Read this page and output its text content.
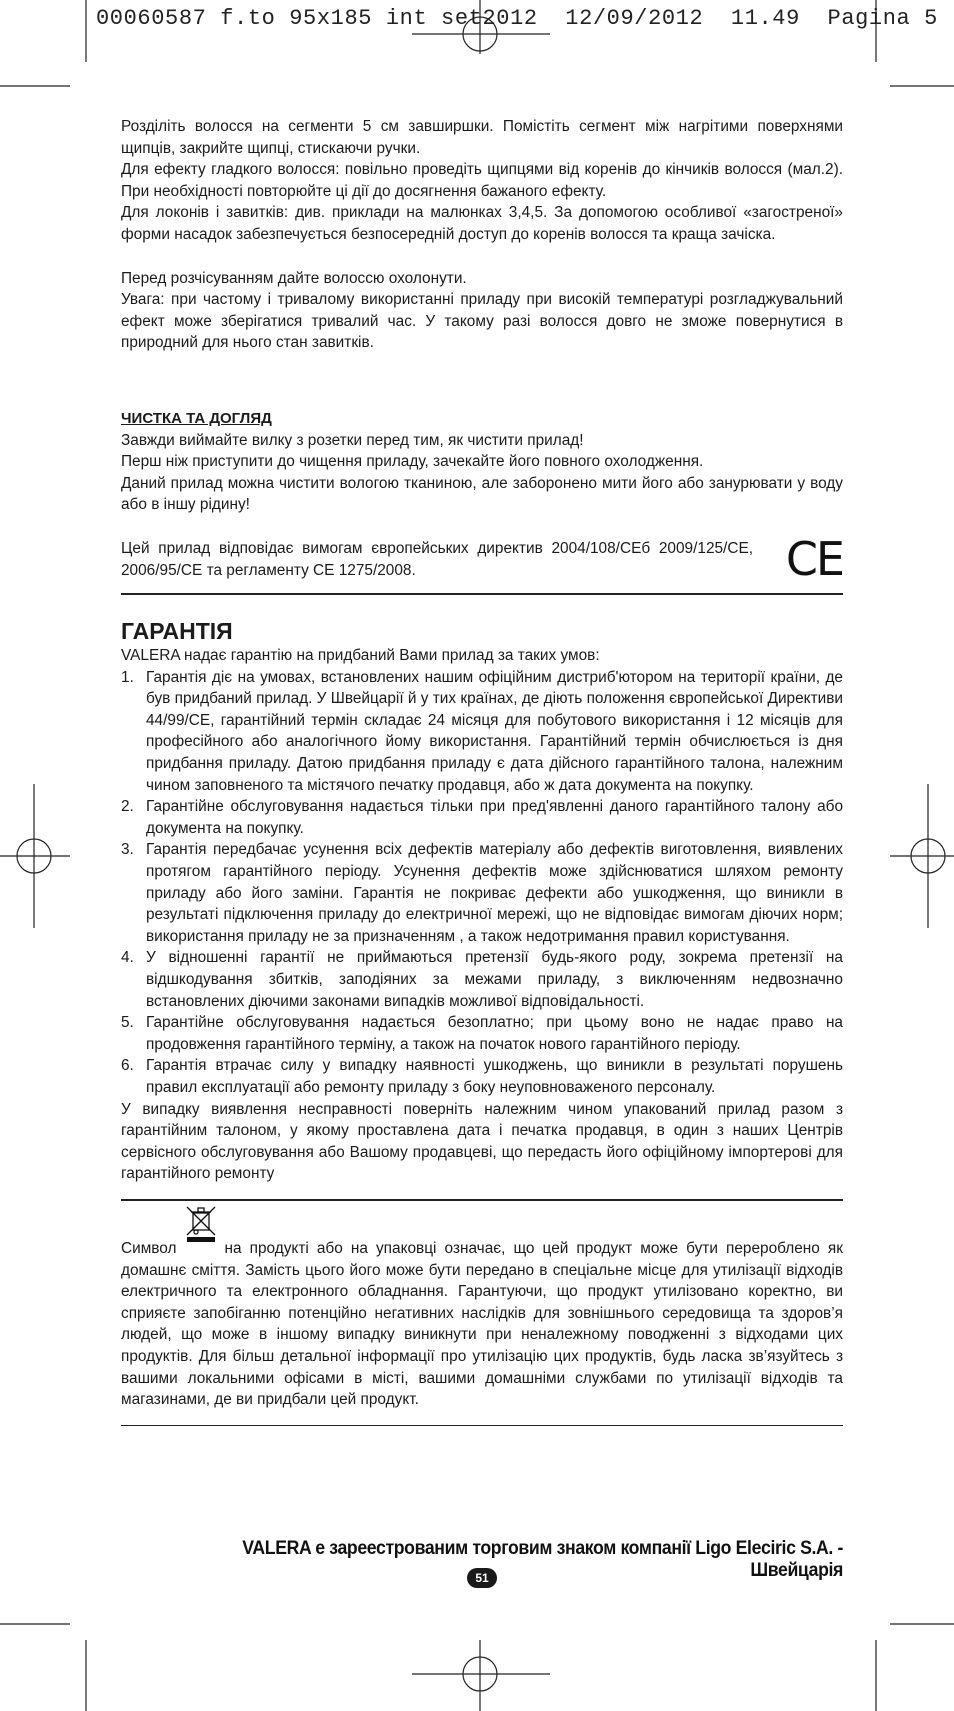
00060587 f.to 95x185 int set2012  12/09/2012  11.49  Pagina 5

Розділіть волосся на сегменти 5 см завширшки. Помістіть сегмент між нагрітими поверхнями щипців, закрийте щипці, стискаючи ручки.

Для ефекту гладкого волосся: повільно проведіть щипцями від коренів до кінчиків волосся (мал.2). При необхідності повторюйте ці дії до досягнення бажаного ефекту.

Для локонів і завитків: див. приклади на малюнках 3,4,5. За допомогою особливої «загостреної» форми насадок забезпечується безпосередній доступ до коренів волосся та краща зачіска.

Перед розчісуванням дайте волоссю охолонути.

Увага: при частому і тривалому використанні приладу при високій температурі розгладжувальний ефект може зберігатися тривалий час. У такому разі волосся довго не зможе повернутися в природний для нього стан завитків.

ЧИСТКА ТА ДОГЛЯД

Завжди виймайте вилку з розетки перед тим, як чистити прилад!

Перш ніж приступити до чищення приладу, зачекайте його повного охолодження.

Даний прилад можна чистити вологою тканиною, але заборонено мити його або занурювати у воду або в іншу рідину!

Цей прилад відповідає вимогам європейських директив 2004/108/СЕб 2009/125/СЕ, 2006/95/СЕ та регламенту СЕ 1275/2008.	CE

ГАРАНТІЯ

VALERA надає гарантію на придбаний Вами прилад за таких умов:

1. Гарантія діє на умовах, встановлених нашим офіційним дистриб'ютором на території країни, де був придбаний прилад. У Швейцарії й у тих країнах, де діють положення європейської Директиви 44/99/СЕ, гарантійний термін складає 24 місяця для побутового використання і 12 місяців для професійного або аналогічного йому використання. Гарантійний термін обчислюється із дня придбання приладу. Датою придбання приладу є дата дійсного гарантійного талона, належним чином заповненого та містячого печатку продавця, або ж дата документа на покупку.
2. Гарантійне обслуговування надається тільки при пред'явленні даного гарантійного талону або документа на покупку.
3. Гарантія передбачає усунення всіх дефектів матеріалу або дефектів виготовлення, виявлених протягом гарантійного періоду. Усунення дефектів може здійснюватися шляхом ремонту приладу або його заміни. Гарантія не покриває дефекти або ушкодження, що виникли в результаті підключення приладу до електричної мережі, що не відповідає вимогам діючих норм; використання приладу не за призначенням , а також недотримання правил користування.
4. У відношенні гарантії не приймаються претензії будь-якого роду, зокрема претензії на відшкодування збитків, заподіяних за межами приладу, з виключенням недвозначно встановлених діючими законами випадків можливої відповідальності.
5. Гарантійне обслуговування надається безоплатно; при цьому воно не надає право на продовження гарантійного терміну, а також на початок нового гарантійного періоду.
6. Гарантія втрачає силу у випадку наявності ушкоджень, що виникли в результаті порушень правил експлуатації або ремонту приладу з боку неуповноваженого персоналу.

У випадку виявлення несправності поверніть належним чином упакований прилад разом з гарантійним талоном, у якому проставлена дата і печатка продавця, в один з наших Центрів сервісного обслуговування або Вашому продавцеві, що передасть його офіційному імпортерові для гарантійного ремонту

Символ	на продукті або на упаковці означає, що цей продукт може бути перероблено як домашнє сміття. Замість цього його може бути передано в спеціальне місце для утилізації відходів електричного та електронного обладнання. Гарантуючи, що продукт утилізовано коректно, ви сприяєте запобіганню потенційно негативних наслідків для зовнішнього середовища та здоров’я людей, що може в іншому випадку виникнути при неналежному поводженні з відходами цих продуктів. Для більш детальної інформації про утилізацію цих продуктів, будь ласка зв’язуйтесь з вашими локальними офісами в місті, вашими домашніми службами по утилізації відходів та магазинами, де ви придбали цей продукт.

VALERA е зареестрованим торговим знаком компанії Ligo Elecіric S.A. - Швейцарія
51
